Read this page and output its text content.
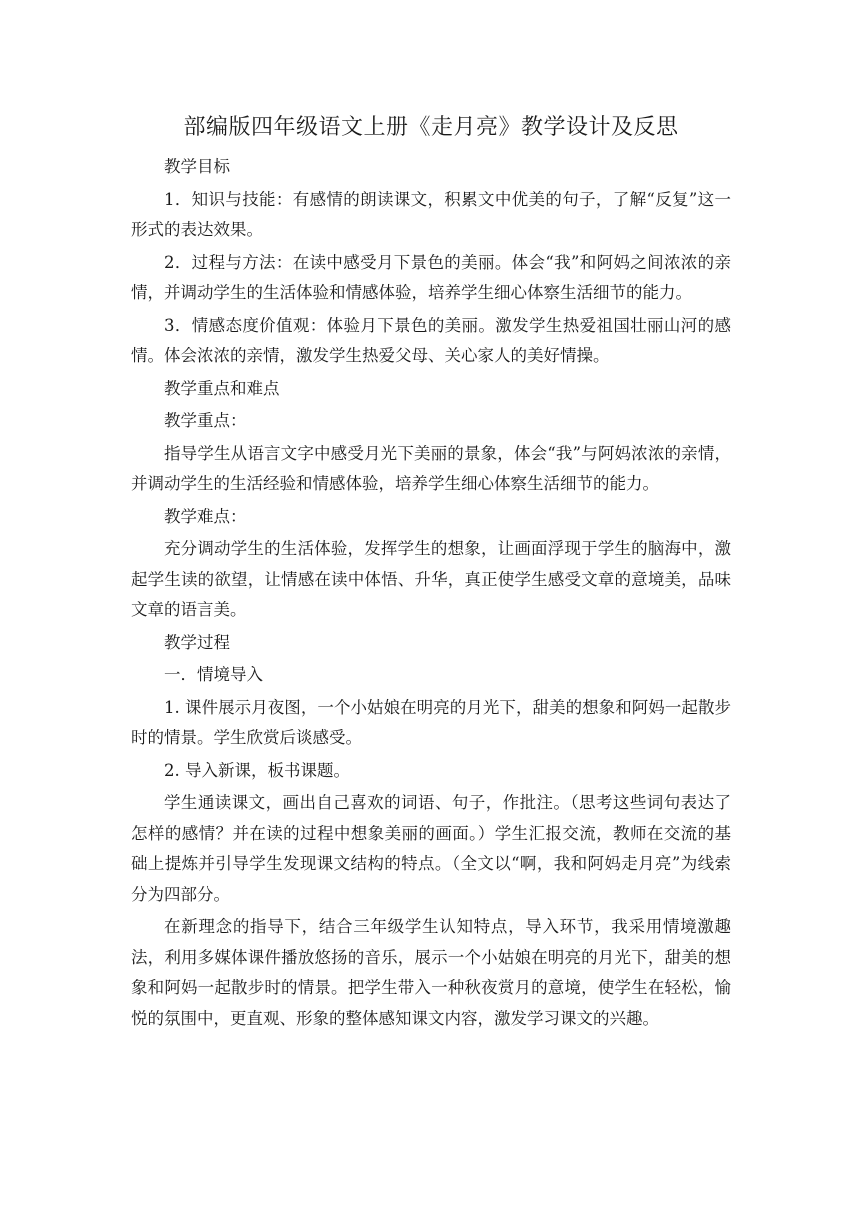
部编版四年级语文上册《走月亮》教学设计及反思

教学目标

1．知识与技能：有感情的朗读课文，积累文中优美的句子，了解“反复”这一形式的表达效果。

2．过程与方法：在读中感受月下景色的美丽。体会“我”和阿妈之间浓浓的亲情，并调动学生的生活体验和情感体验，培养学生细心体察生活细节的能力。

3．情感态度价值观：体验月下景色的美丽。激发学生热爱祖国壮丽山河的感情。体会浓浓的亲情，激发学生热爱父母、关心家人的美好情操。

教学重点和难点

教学重点：

指导学生从语言文字中感受月光下美丽的景象，体会“我”与阿妈浓浓的亲情，并调动学生的生活经验和情感体验，培养学生细心体察生活细节的能力。

教学难点：

充分调动学生的生活体验，发挥学生的想象，让画面浮现于学生的脑海中，激起学生读的欲望，让情感在读中体悟、升华，真正使学生感受文章的意境美，品味文章的语言美。

教学过程

一．情境导入

1. 课件展示月夜图，一个小姑娘在明亮的月光下，甜美的想象和阿妈一起散步时的情景。学生欣赏后谈感受。

2. 导入新课，板书课题。

学生通读课文，画出自己喜欢的词语、句子，作批注。（思考这些词句表达了怎样的感情？并在读的过程中想象美丽的画面。）学生汇报交流，教师在交流的基础上提炼并引导学生发现课文结构的特点。（全文以“啊，我和阿妈走月亮”为线索分为四部分。

在新理念的指导下，结合三年级学生认知特点，导入环节，我采用情境激趣法，利用多媒体课件播放悠扬的音乐，展示一个小姑娘在明亮的月光下，甜美的想象和阿妈一起散步时的情景。把学生带入一种秋夜赏月的意境，使学生在轻松，愉悦的氛围中，更直观、形象的整体感知课文内容，激发学习课文的兴趣。
